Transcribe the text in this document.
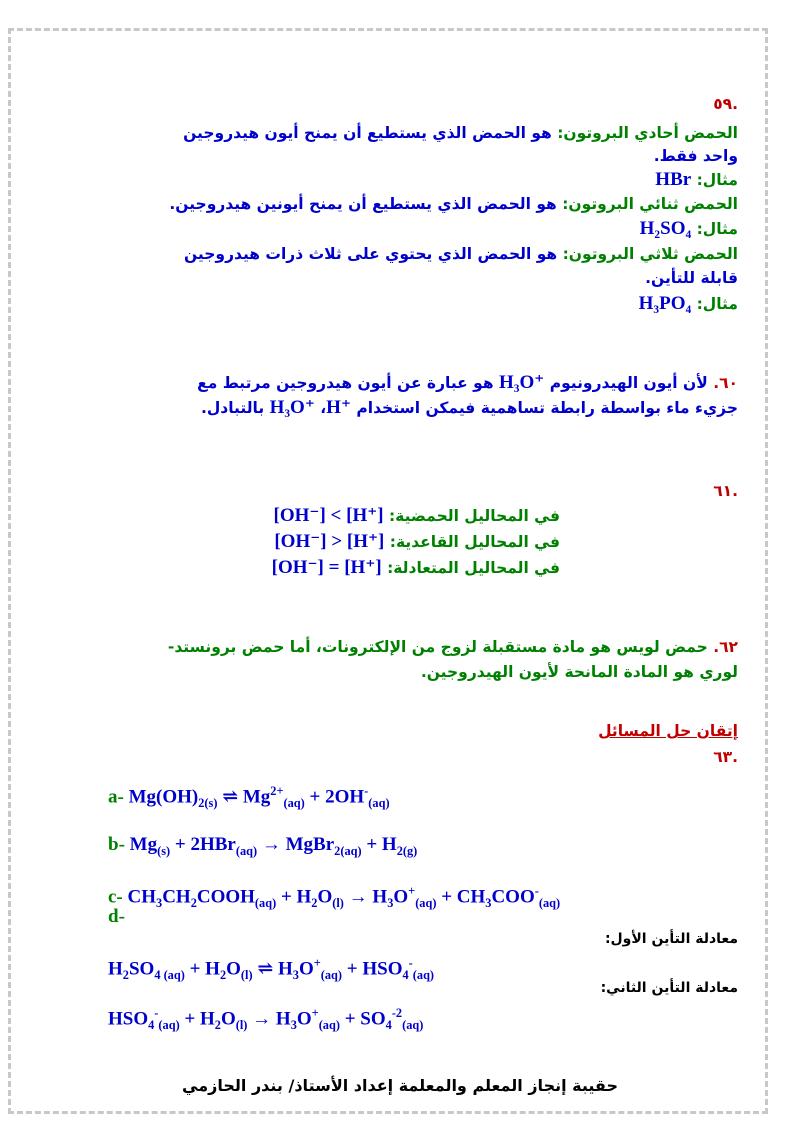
.٥٩
الحمض أحادي البروتون: هو الحمض الذي يستطيع أن يمنح أيون هيدروجين
واحد فقط.
مثال: HBr
الحمض ثنائي البروتون: هو الحمض الذي يستطيع أن يمنح أيونين هيدروجين.
مثال: H₂SO₄
الحمض ثلاثي البروتون: هو الحمض الذي يحتوي على ثلاث ذرات هيدروجين
قابلة للتأين.
مثال: H₃PO₄
٦٠. لأن أيون الهيدرونيوم H₃O⁺ هو عبارة عن أيون هيدروجين مرتبط مع
جزيء ماء بواسطة رابطة تساهمية فيمكن استخدام H⁺، H₃O⁺ بالتبادل.
.٦١
في المحاليل الحمضية: [OH⁻] < [H⁺]
في المحاليل القاعدية: [OH⁻] > [H⁺]
في المحاليل المتعادلة: [OH⁻] = [H⁺]
٦٢. حمض لويس هو مادة مستقبلة لزوج من الإلكترونات، أما حمض برونستد-
لوري هو المادة المانحة لأيون الهيدروجين.
إتقان حل المسائل
.٦٣
a- $Mg(OH)_{2(s)}$ ⇌ $Mg^{2+}_{(aq)} + 2OH^-_{(aq)}$
b- $Mg_{(s)} + 2HBr_{(aq)}$ → MgBr$_{2(aq)}$ + $H_{2(g)}$
c- $CH_3CH_2COOH_{(aq)} + H_2O_{(l)} \to H_3O^+_{(aq)} + CH_3COO^-_{(aq)}$
d-
معادلة التأين الأول:
$H_2SO_{4 (aq)} + H_2O_{(l)}$ ⇌ $H_3O^+_{(aq)} + HSO_4^-_{(aq)}$
معادلة التأين الثاني:
$HSO_4^-_{(aq)} + H_2O_{(l)} \to H_3O^+_{(aq)} + SO_4^{-2}_{(aq)}$
حقيبة إنجاز المعلم والمعلمة إعداد الأستاذ/ بندر الحازمي
